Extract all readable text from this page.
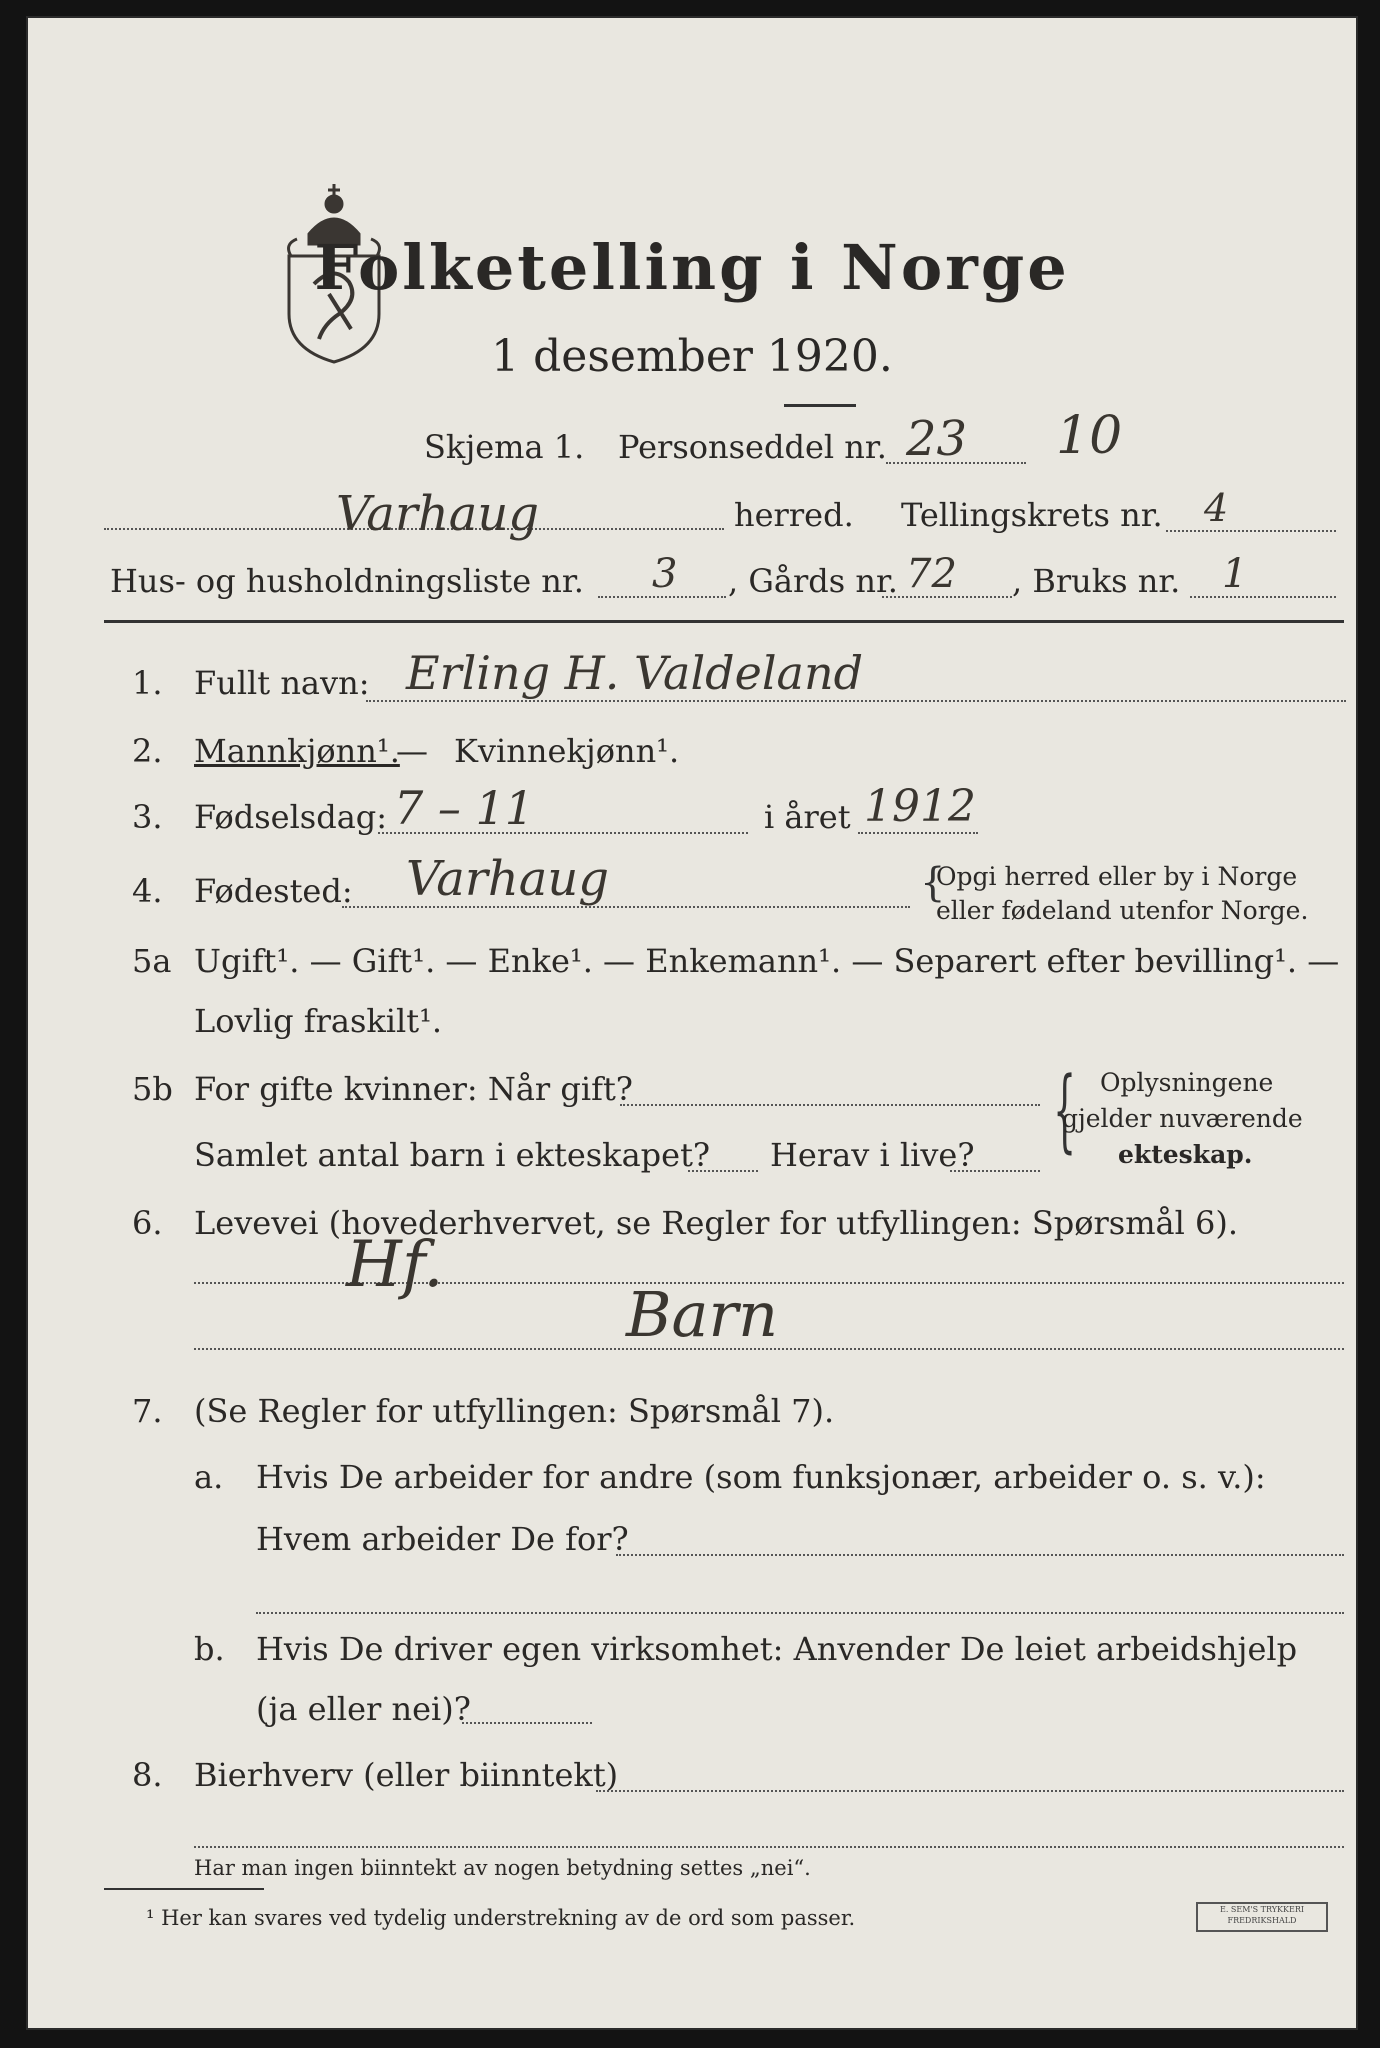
Folketelling i Norge
1 desember 1920.
Skjema 1. Personseddel nr. 23 10
Varhaug	herred. Tellingskrets nr. 4
Hus- og husholdningsliste nr. 3 , Gårds nr. 72 , Bruks nr. 1
1. Fullt navn: Erling H. Valdeland
2. Mannkjønn¹.
— Kvinnekjønn¹.
3. Fødselsdag: 7 – 11	i året 1912
4. Fødested: Varhaug	{
Opgi herred eller by i Norge
eller fødeland utenfor Norge.
5a Ugift¹. — Gift¹. — Enke¹. — Enkemann¹. — Separert efter bevilling¹. —
Lovlig fraskilt¹.
5b For gifte kvinner: Når gift?
Samlet antal barn i ekteskapet? Herav i live? { Oplysningene
gjelder nuværende
ekteskap.
6. Levevei (hovederhvervet, se Regler for utfyllingen: Spørsmål 6).
Hf.
Barn
7. (Se Regler for utfyllingen: Spørsmål 7).
a. Hvis De arbeider for andre (som funksjonær, arbeider o. s. v.):
Hvem arbeider De for?
b. Hvis De driver egen virksomhet: Anvender De leiet arbeidshjelp
(ja eller nei)?
8. Bierhverv (eller biinntekt)
Har man ingen biinntekt av nogen betydning settes „nei“.
¹ Her kan svares ved tydelig understrekning av de ord som passer.	E. SEM'S TRYKKERI
FREDRIKSHALD
